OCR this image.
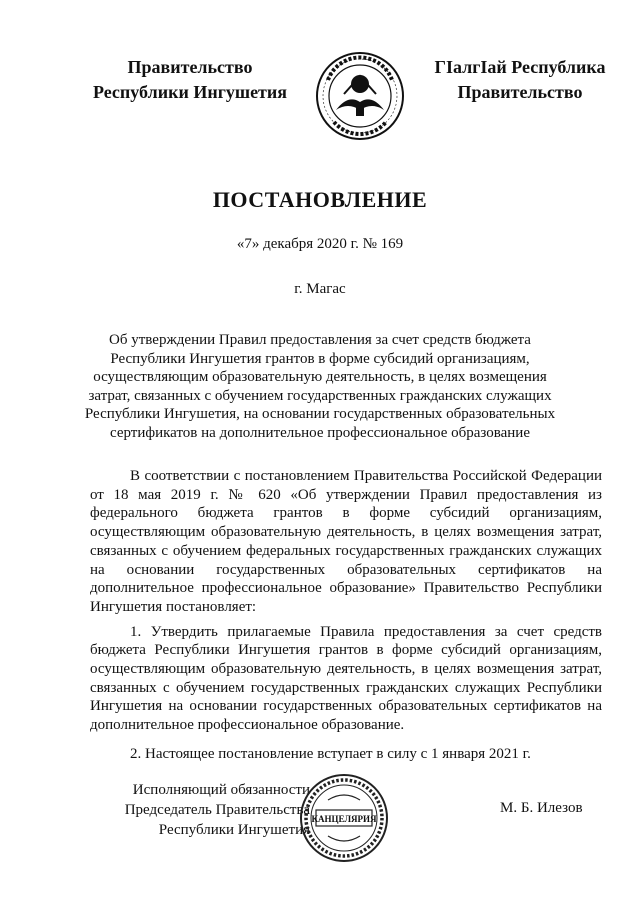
Правительство
Республики Ингушетия
ГIалгIай Республика
Правительство
ПОСТАНОВЛЕНИЕ
«7» декабря 2020 г. № 169
г. Магас
Об утверждении Правил предоставления за счет средств бюджета Республики Ингушетия грантов в форме субсидий организациям, осуществляющим образовательную деятельность, в целях возмещения затрат, связанных с обучением государственных гражданских служащих Республики Ингушетия, на основании государственных образовательных сертификатов на дополнительное профессиональное образование

В соответствии с постановлением Правительства Российской Федерации от 18 мая 2019 г. № 620 «Об утверждении Правил предоставления из федерального бюджета грантов в форме субсидий организациям, осуществляющим образовательную деятельность, в целях возмещения затрат, связанных с обучением федеральных государственных гражданских служащих на основании государственных образовательных сертификатов на дополнительное профессиональное образование» Правительство Республики Ингушетия постановляет:

1. Утвердить прилагаемые Правила предоставления за счет средств бюджета Республики Ингушетия грантов в форме субсидий организациям, осуществляющим образовательную деятельность, в целях возмещения затрат, связанных с обучением государственных гражданских служащих Республики Ингушетия на основании государственных образовательных сертификатов на дополнительное профессиональное образование.

2. Настоящее постановление вступает в силу с 1 января 2021 г.

Исполняющий обязанности
Председатель Правительства
Республики Ингушетия
КАНЦЕЛЯРИЯ
М. Б. Илезов
